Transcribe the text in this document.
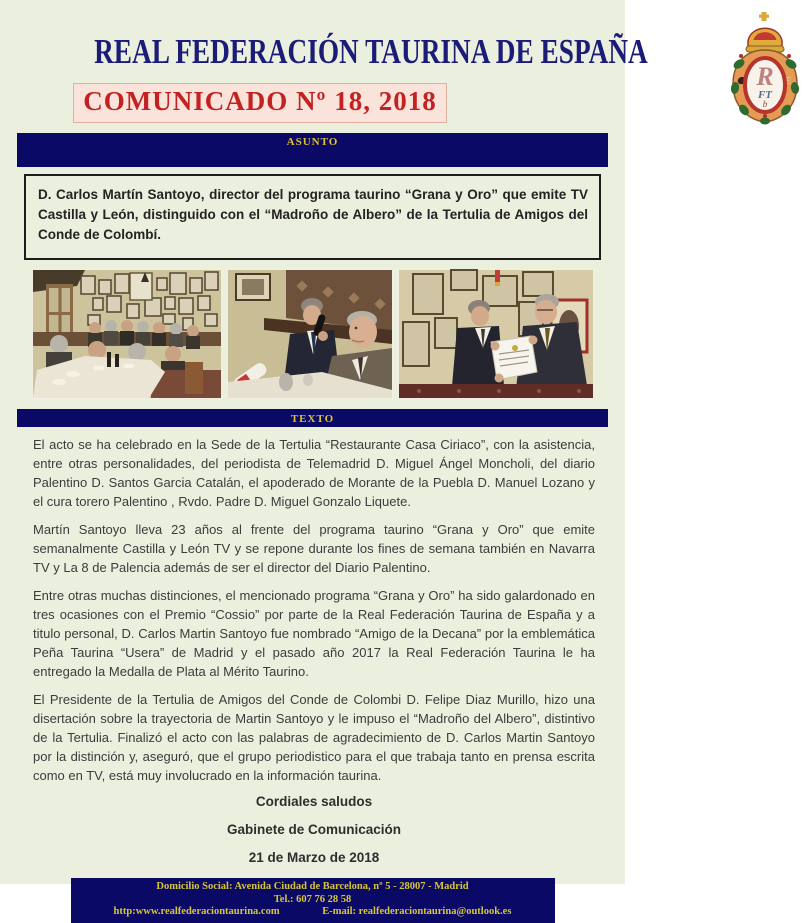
REAL FEDERACIÓN TAURINA DE ESPAÑA
COMUNICADO Nº 18, 2018
E
R
FT
b
ASUNTO

D. Carlos Martín Santoyo, director del programa taurino “Grana y Oro” que emite TV Castilla y León, distinguido con el “Madroño de Albero” de la Tertulia de Amigos del Conde de Colombí.

TEXTO

El acto se ha celebrado en la Sede de la Tertulia “Restaurante Casa Ciriaco”, con la asistencia, entre otras personalidades, del periodista de Telemadrid D. Miguel Ángel Moncholi, del diario Palentino D. Santos Garcia Catalán, el apoderado de Morante de la Puebla D. Manuel Lozano y el cura torero Palentino , Rvdo. Padre D. Miguel Gonzalo Liquete.

Martín Santoyo lleva 23 años al frente del programa taurino “Grana y Oro” que emite semanalmente Castilla y León TV y se repone durante los fines de semana también en Navarra TV y La 8 de Palencia además de ser el director del Diario Palentino.

Entre otras muchas distinciones, el mencionado programa “Grana y Oro” ha sido galardonado en tres ocasiones con el Premio “Cossio” por parte de la Real Federación Taurina de España y a titulo personal, D. Carlos Martin Santoyo fue nombrado “Amigo de la Decana” por la emblemática Peña Taurina “Usera” de Madrid y el pasado año 2017 la Real Federación Taurina le ha entregado la Medalla de Plata al Mérito Taurino.

El Presidente de la Tertulia de Amigos del Conde de Colombi D. Felipe Diaz Murillo, hizo una disertación sobre la trayectoria de Martin Santoyo y le impuso el “Madroño del Albero”, distintivo de la Tertulia. Finalizó el acto con las palabras de agradecimiento de D. Carlos Martin Santoyo por la distinción y, aseguró, que el grupo periodistico para el que trabaja tanto en prensa escrita como en TV, está muy involucrado en la información taurina.

Cordiales saludos
Gabinete de Comunicación
21 de Marzo de 2018
Domicilio Social: Avenida Ciudad de Barcelona, nº 5 - 28007 - Madrid
Tel.: 607 76 28 58
http:www.realfederaciontaurina.com	E-mail: realfederaciontaurina@outlook.es
